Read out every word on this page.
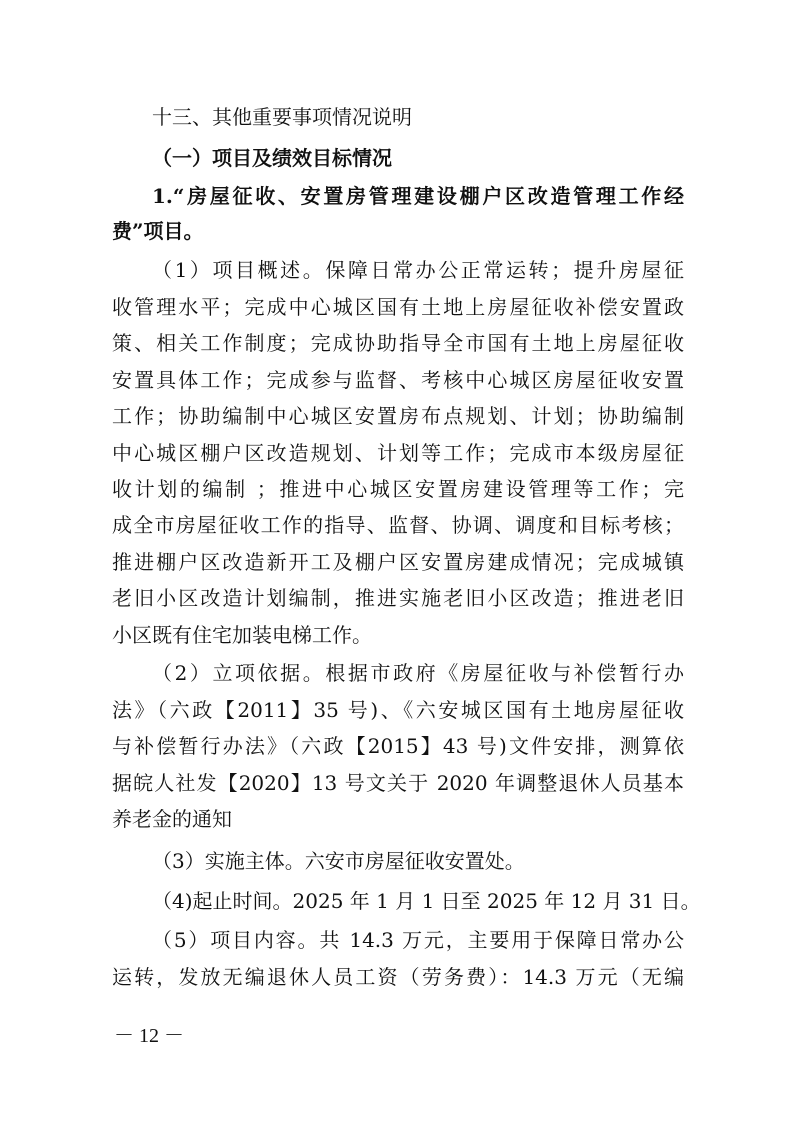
十三、其他重要事项情况说明
（一）项目及绩效目标情况
1.“房屋征收、安置房管理建设棚户区改造管理工作经
费”项目。
（1）项目概述。保障日常办公正常运转；提升房屋征
收管理水平；完成中心城区国有土地上房屋征收补偿安置政
策、相关工作制度；完成协助指导全市国有土地上房屋征收
安置具体工作；完成参与监督、考核中心城区房屋征收安置
工作；协助编制中心城区安置房布点规划、计划；协助编制
中心城区棚户区改造规划、计划等工作；完成市本级房屋征
收计划的编制 ；推进中心城区安置房建设管理等工作；完
成全市房屋征收工作的指导、监督、协调、调度和目标考核；
推进棚户区改造新开工及棚户区安置房建成情况；完成城镇
老旧小区改造计划编制，推进实施老旧小区改造；推进老旧
小区既有住宅加装电梯工作。
（2）立项依据。根据市政府《房屋征收与补偿暂行办
法》（六政【2011】35 号)、《六安城区国有土地房屋征收
与补偿暂行办法》（六政【2015】43 号)文件安排，测算依
据皖人社发【2020】13 号文关于 2020 年调整退休人员基本
养老金的通知
（3）实施主体。六安市房屋征收安置处。
（4)起止时间。2025 年 1 月 1 日至 2025 年 12 月 31 日。
（5）项目内容。共 14.3 万元，主要用于保障日常办公
运转，发放无编退休人员工资（劳务费）：14.3 万元（无编
－ 12 －
